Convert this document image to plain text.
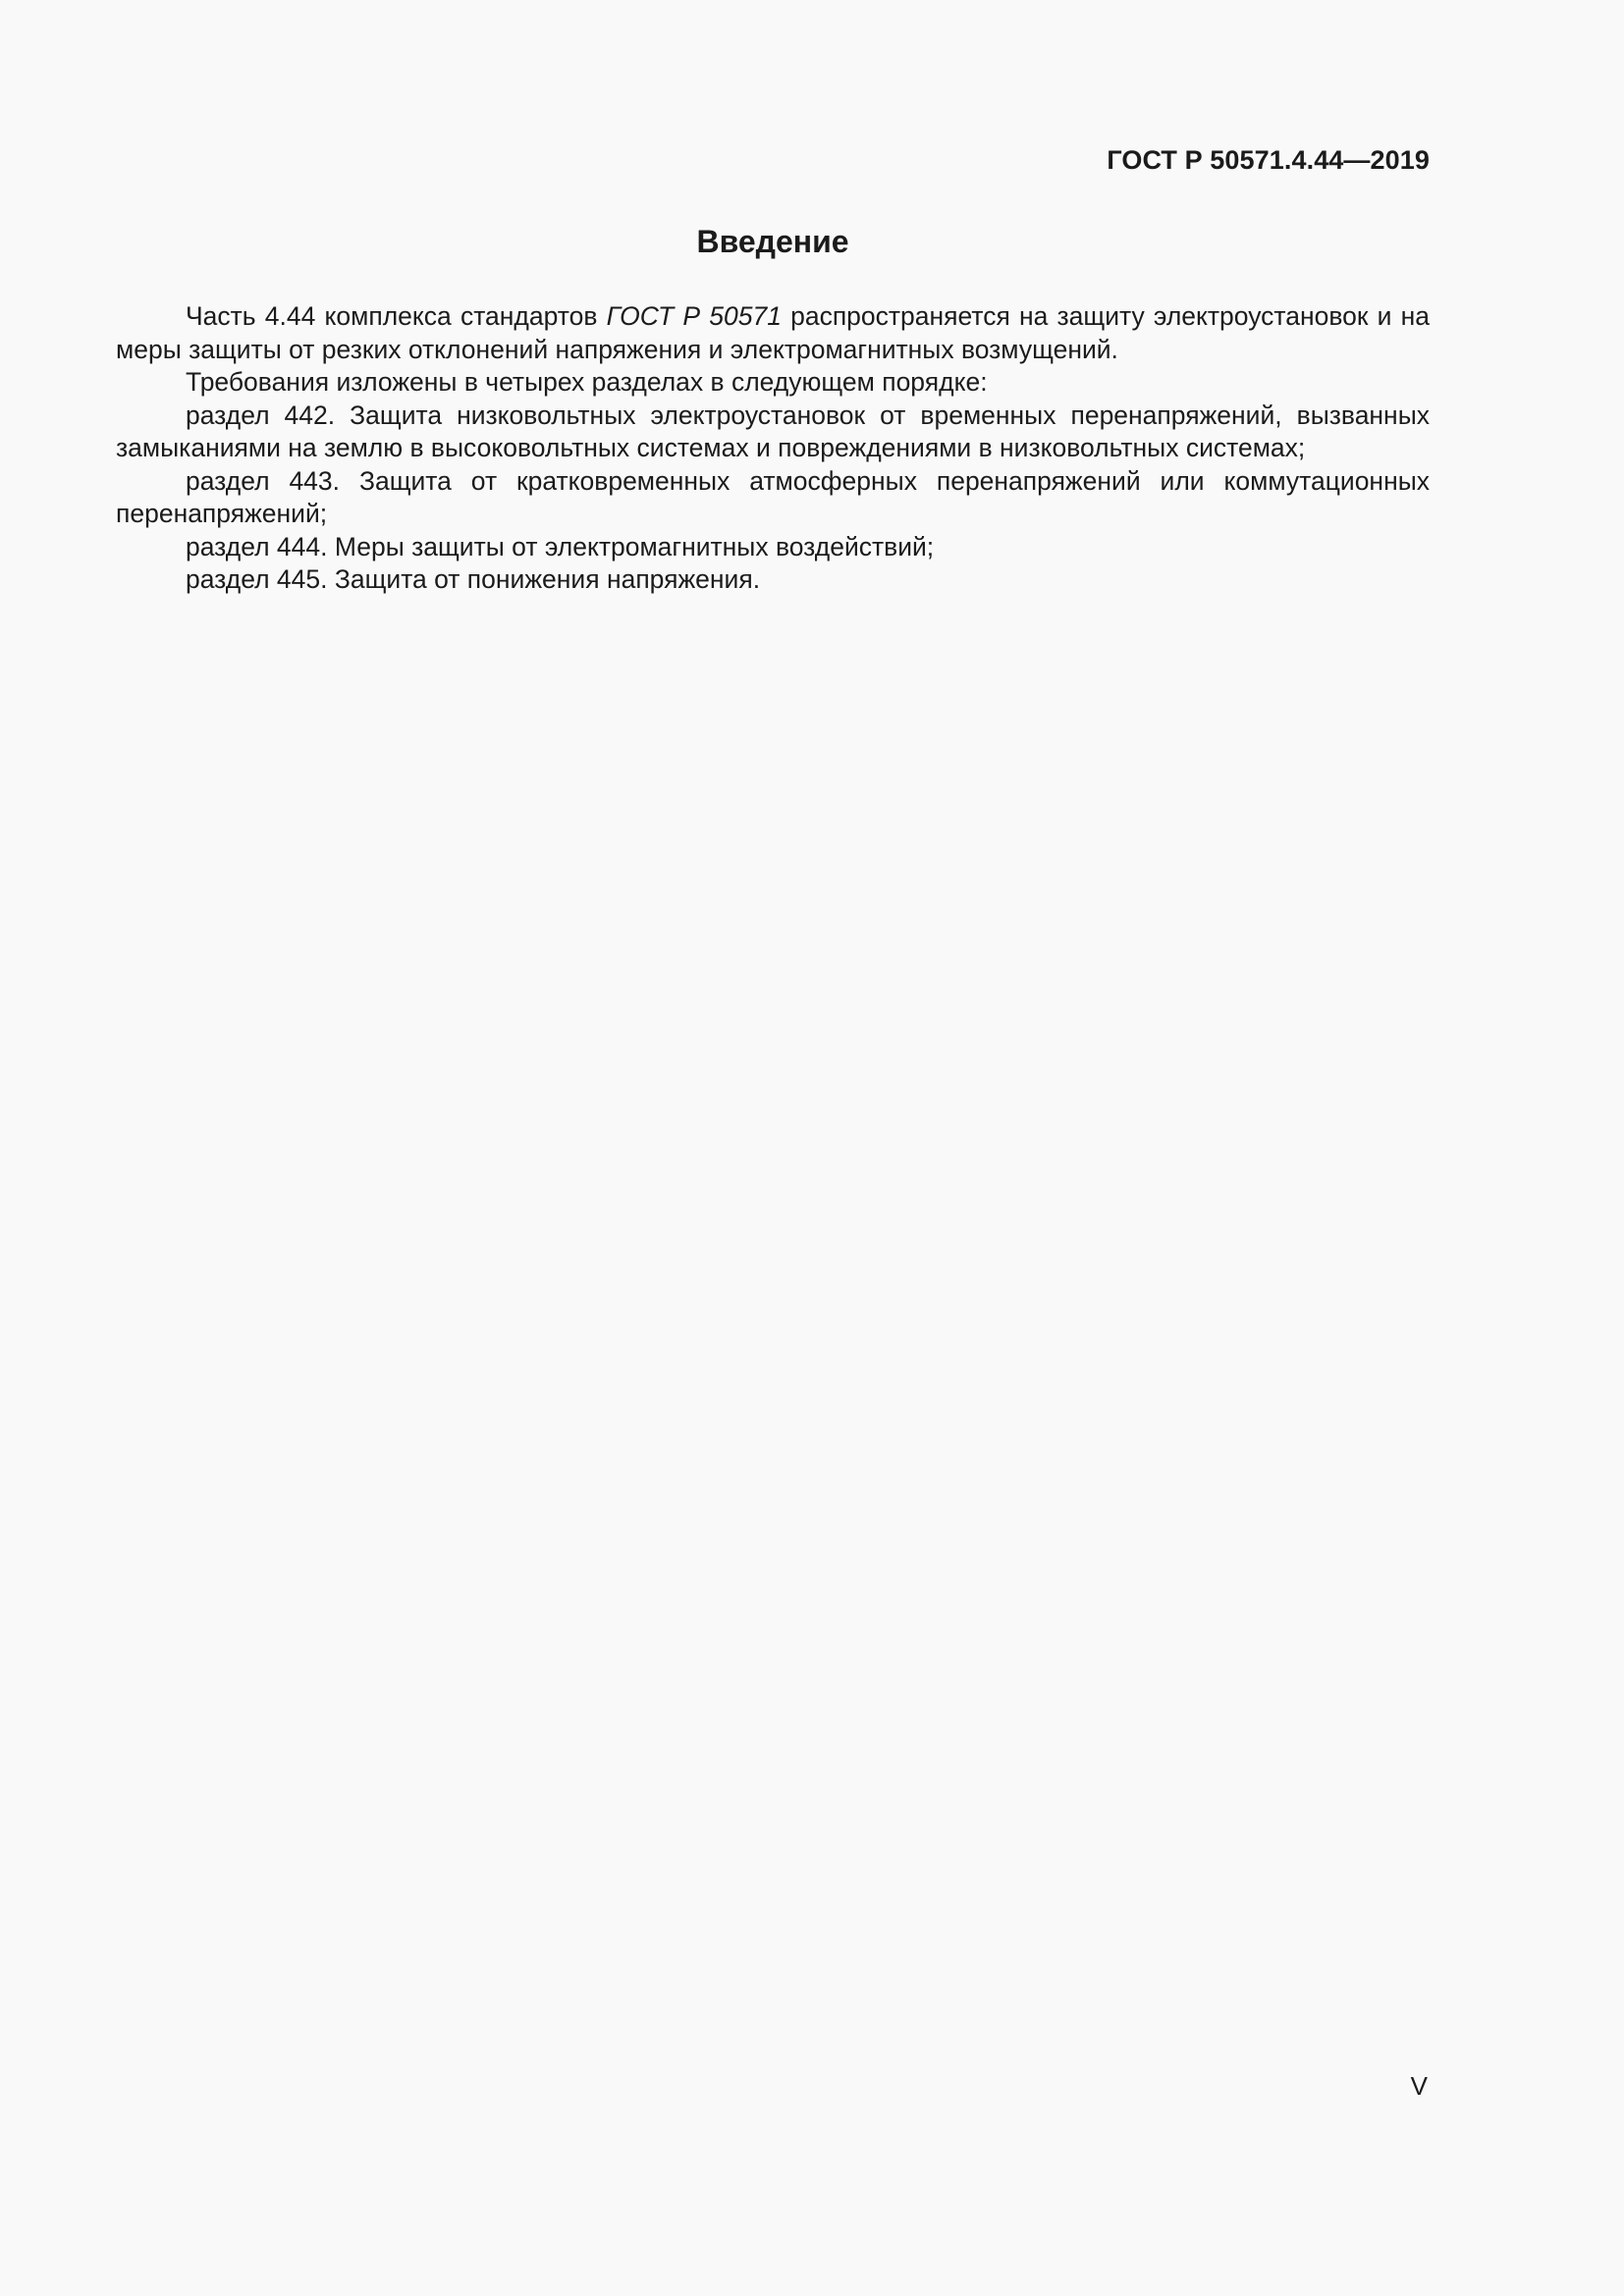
ГОСТ Р 50571.4.44—2019
Введение

Часть 4.44 комплекса стандартов ГОСТ Р 50571 распространяется на защиту электроустановок и на меры защиты от резких отклонений напряжения и электромагнитных возмущений.

Требования изложены в четырех разделах в следующем порядке:

раздел 442. Защита низковольтных электроустановок от временных перенапряжений, вызванных замыканиями на землю в высоковольтных системах и повреждениями в низковольтных системах;

раздел 443. Защита от кратковременных атмосферных перенапряжений или коммутационных перенапряжений;

раздел 444. Меры защиты от электромагнитных воздействий;

раздел 445. Защита от понижения напряжения.

V
